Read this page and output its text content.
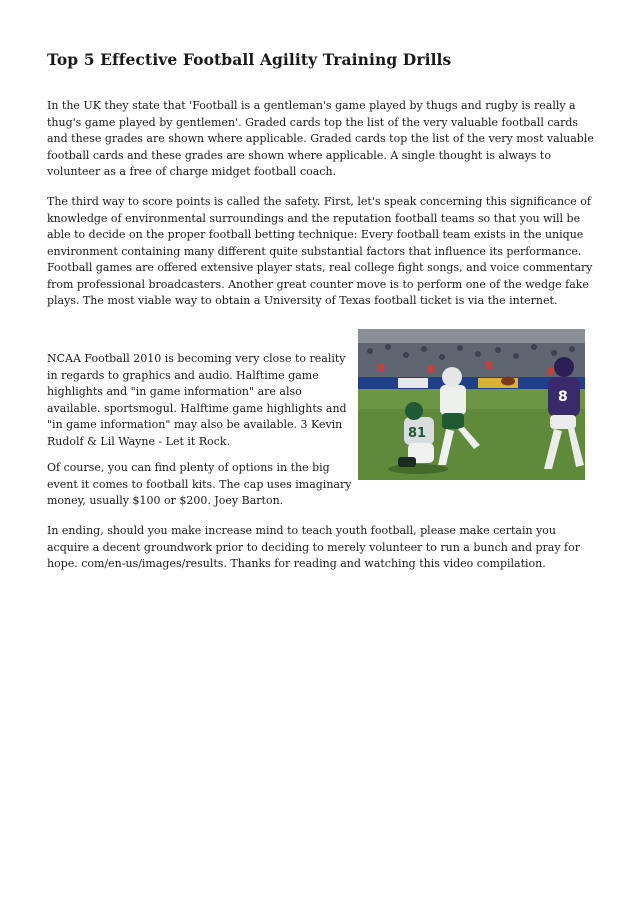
Top 5 Effective Football Agility Training Drills

In the UK they state that 'Football is a gentleman's game played by thugs and rugby is really a thug's game played by gentlemen'. Graded cards top the list of the very valuable football cards and these grades are shown where applicable. Graded cards top the list of the very most valuable football cards and these grades are shown where applicable. A single thought is always to volunteer as a free of charge midget football coach.

The third way to score points is called the safety. First, let's speak concerning this significance of knowledge of environmental surroundings and the reputation football teams so that you will be able to decide on the proper football betting technique: Every football team exists in the unique environment containing many different quite substantial factors that influence its performance. Football games are offered extensive player stats, real college fight songs, and voice commentary from professional broadcasters. Another great counter move is to perform one of the wedge fake plays. The most viable way to obtain a University of Texas football ticket is via the internet.

NCAA Football 2010 is becoming very close to reality in regards to graphics and audio. Halftime game highlights and "in game information" are also available. sportsmogul. Halftime game highlights and "in game information" may also be available. 3 Kevin Rudolf & Lil Wayne - Let it Rock.

Of course, you can find plenty of options in the big event it comes to football kits. The cap uses imaginary money, usually $100 or $200. Joey Barton.

In ending, should you make increase mind to teach youth football, please make certain you acquire a decent groundwork prior to deciding to merely volunteer to run a bunch and pray for hope. com/en-us/images/results. Thanks for reading and watching this video compilation.

81
8
